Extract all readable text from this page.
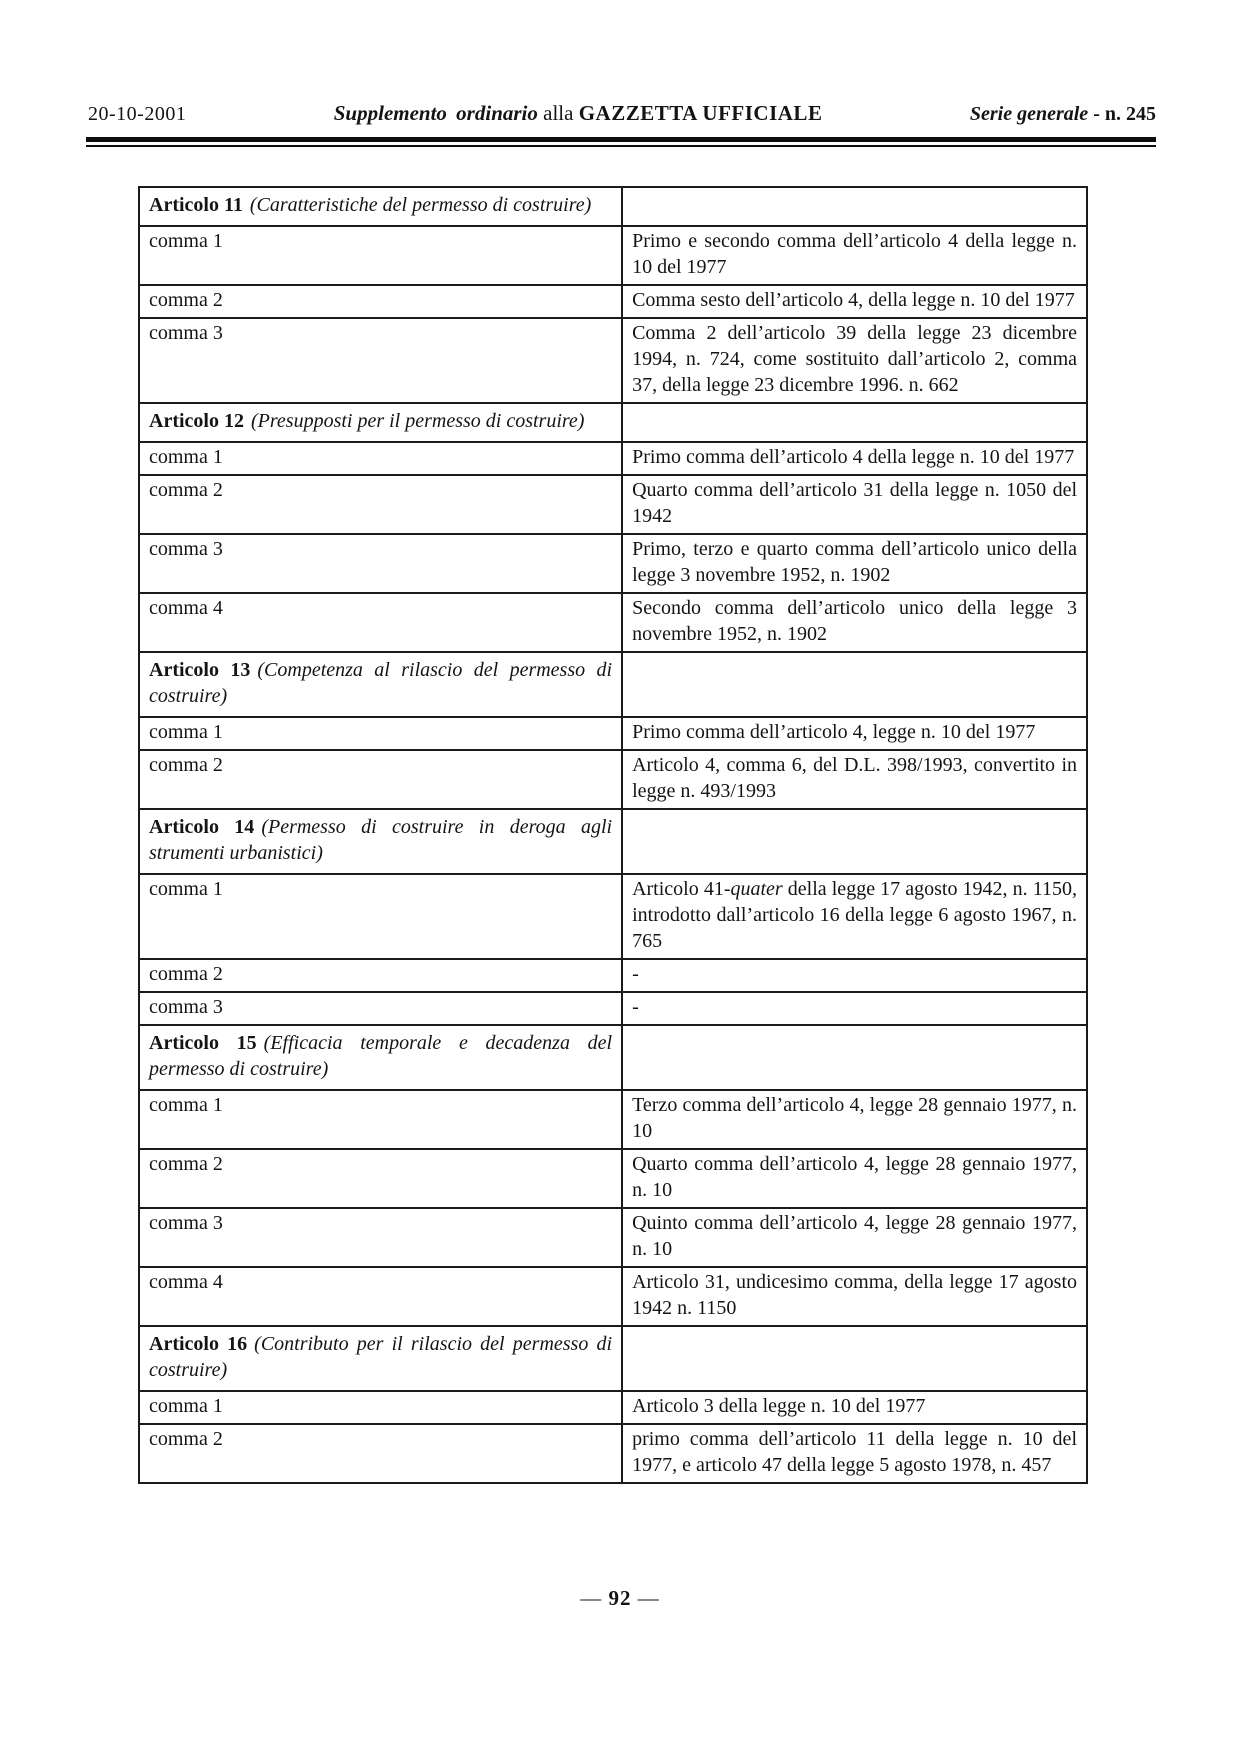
20-10-2001	Supplemento ordinario alla GAZZETTA UFFICIALE	Serie generale - n. 245
Articolo 11 (Caratteristiche del permesso di costruire)	
comma 1	Primo e secondo comma dell’articolo 4 della legge n. 10 del 1977
comma 2	Comma sesto dell’articolo 4, della legge n. 10 del 1977
comma 3	Comma 2 dell’articolo 39 della legge 23 dicembre 1994, n. 724, come sostituito dall’articolo 2, comma 37, della legge 23 dicembre 1996. n. 662
Articolo 12 (Presupposti per il permesso di costruire)	
comma 1	Primo comma dell’articolo 4 della legge n. 10 del 1977
comma 2	Quarto comma dell’articolo 31 della legge n. 1050 del 1942
comma 3	Primo, terzo e quarto comma dell’articolo unico della legge 3 novembre 1952, n. 1902
comma 4	Secondo comma dell’articolo unico della legge 3 novembre 1952, n. 1902
Articolo 13 (Competenza al rilascio del permesso di costruire)	
comma 1	Primo comma dell’articolo 4, legge n. 10 del 1977
comma 2	Articolo 4, comma 6, del D.L. 398/1993, convertito in legge n. 493/1993
Articolo 14 (Permesso di costruire in deroga agli strumenti urbanistici)	
comma 1	Articolo 41-quater della legge 17 agosto 1942, n. 1150, introdotto dall’articolo 16 della legge 6 agosto 1967, n. 765
comma 2	-
comma 3	-
Articolo 15 (Efficacia temporale e decadenza del permesso di costruire)	
comma 1	Terzo comma dell’articolo 4, legge 28 gennaio 1977, n. 10
comma 2	Quarto comma dell’articolo 4, legge 28 gennaio 1977, n. 10
comma 3	Quinto comma dell’articolo 4, legge 28 gennaio 1977, n. 10
comma 4	Articolo 31, undicesimo comma, della legge 17 agosto 1942 n. 1150
Articolo 16 (Contributo per il rilascio del permesso di costruire)	
comma 1	Articolo 3 della legge n. 10 del 1977
comma 2	primo comma dell’articolo 11 della legge n. 10 del 1977, e articolo 47 della legge 5 agosto 1978, n. 457
— 92 —
